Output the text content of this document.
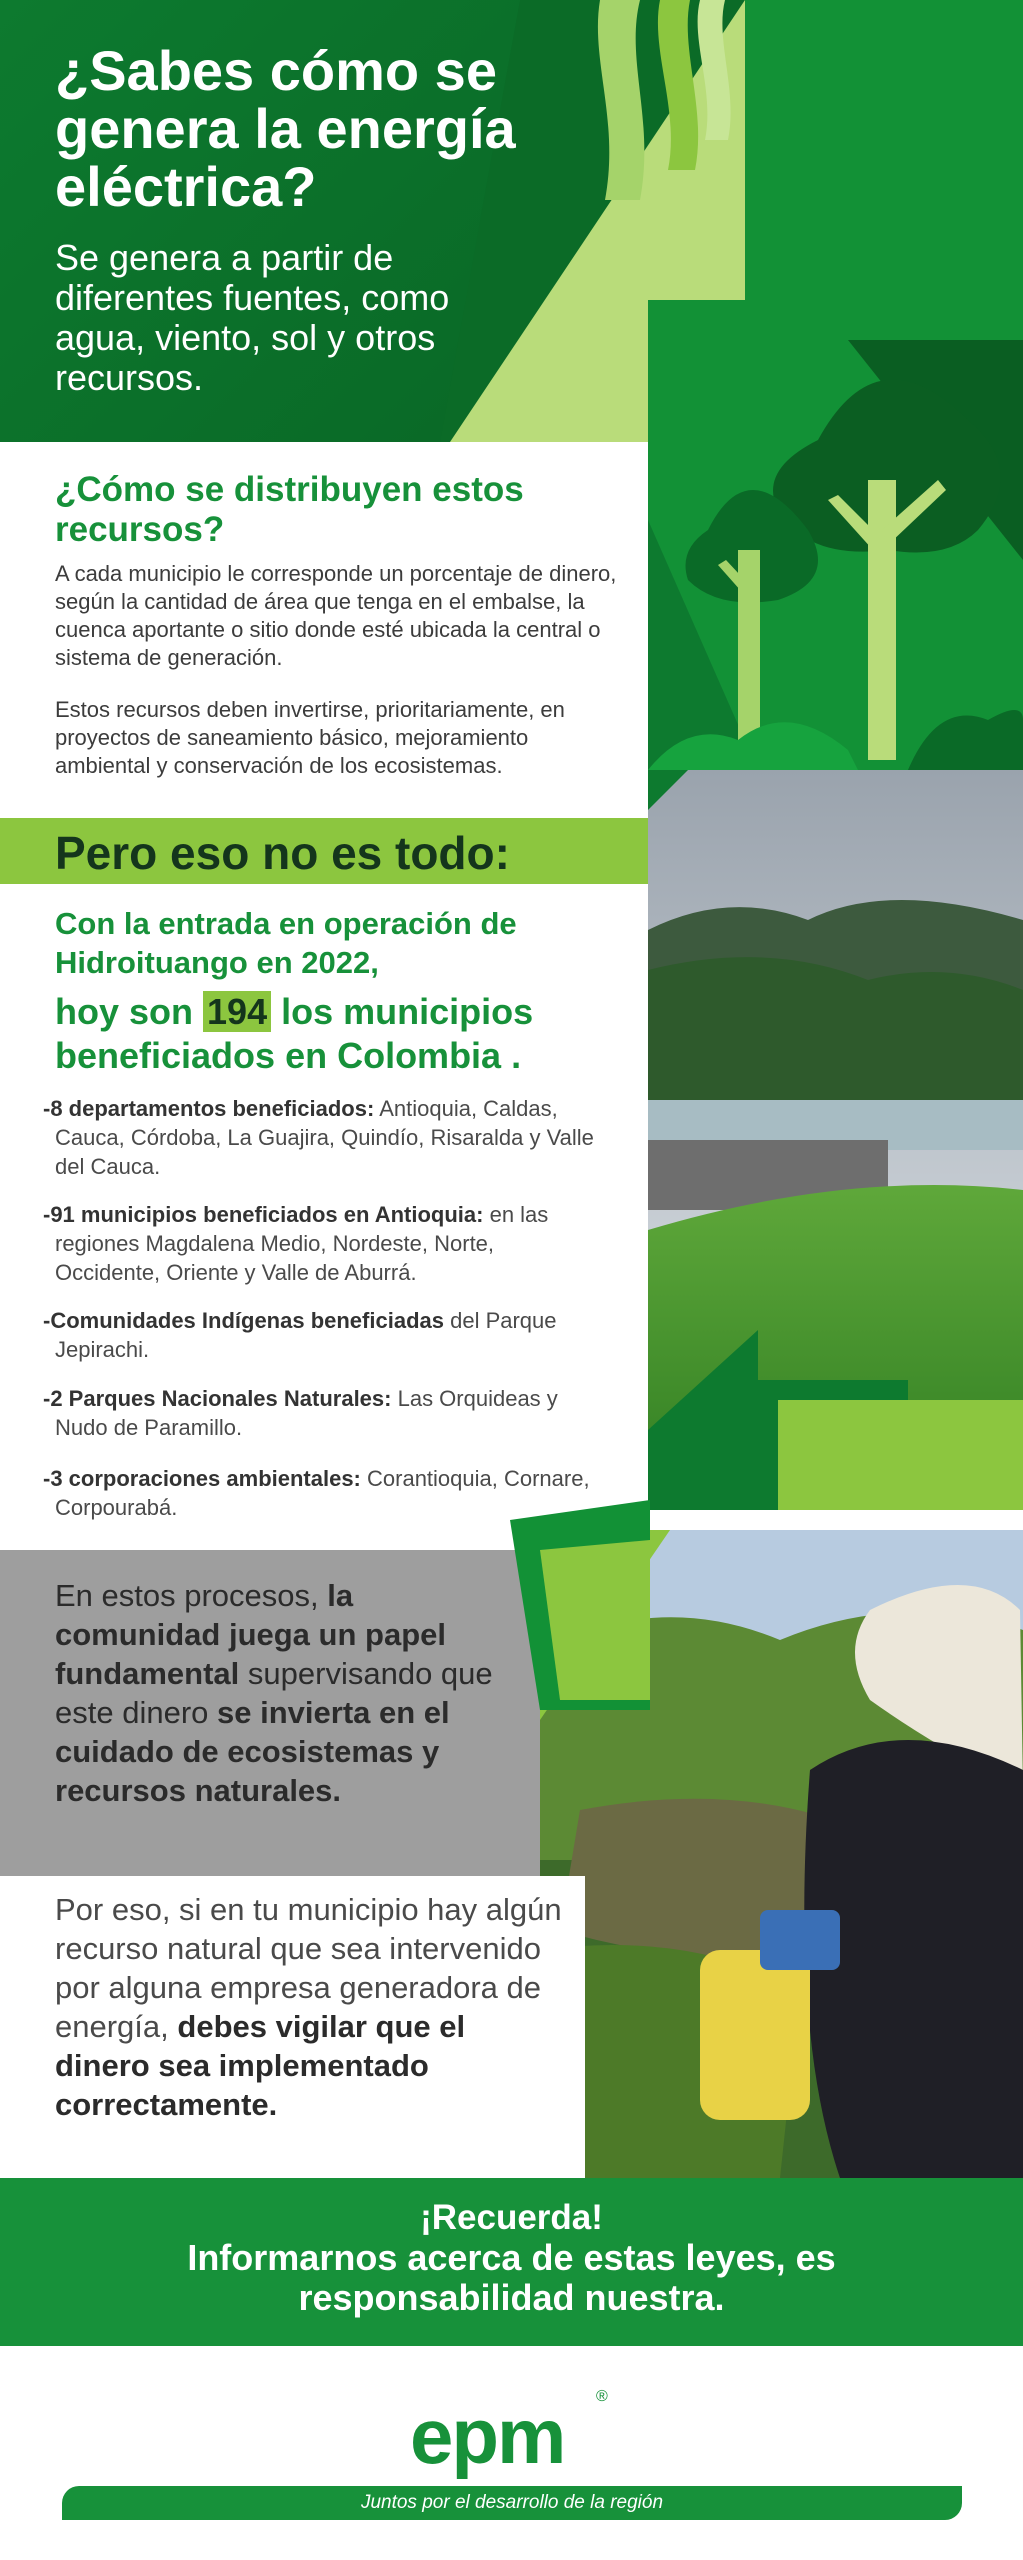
¿Sabes cómo se genera la energía eléctrica?
Se genera a partir de diferentes fuentes, como agua, viento, sol y otros recursos.
¿Cómo se distribuyen estos recursos?

A cada municipio le corresponde un porcentaje de dinero, según la cantidad de área que tenga en el embalse, la cuenca aportante o sitio donde esté ubicada la central o sistema de generación.

Estos recursos deben invertirse, prioritariamente, en proyectos de saneamiento básico, mejoramiento ambiental y conservación de los ecosistemas.

Pero eso no es todo:
Con la entrada en operación de Hidroituango en 2022,
hoy son 194 los municipios beneficiados en Colombia .
-8 departamentos beneficiados: Antioquia, Caldas, Cauca, Córdoba, La Guajira, Quindío, Risaralda y Valle del Cauca.
-91 municipios beneficiados en Antioquia: en las regiones Magdalena Medio, Nordeste, Norte, Occidente, Oriente y Valle de Aburrá.
-Comunidades Indígenas beneficiadas del Parque Jepirachi.
-2 Parques Nacionales Naturales: Las Orquideas y Nudo de Paramillo.
-3 corporaciones ambientales: Corantioquia, Cornare, Corpourabá.
En estos procesos, la comunidad juega un papel fundamental supervisando que este dinero se invierta en el cuidado de ecosistemas y recursos naturales.
Por eso, si en tu municipio hay algún recurso natural que sea intervenido por alguna empresa generadora de energía, debes vigilar que el dinero sea implementado correctamente.
¡Recuerda!
Informarnos acerca de estas leyes, es responsabilidad nuestra.
epm ®
Juntos por el desarrollo de la región
